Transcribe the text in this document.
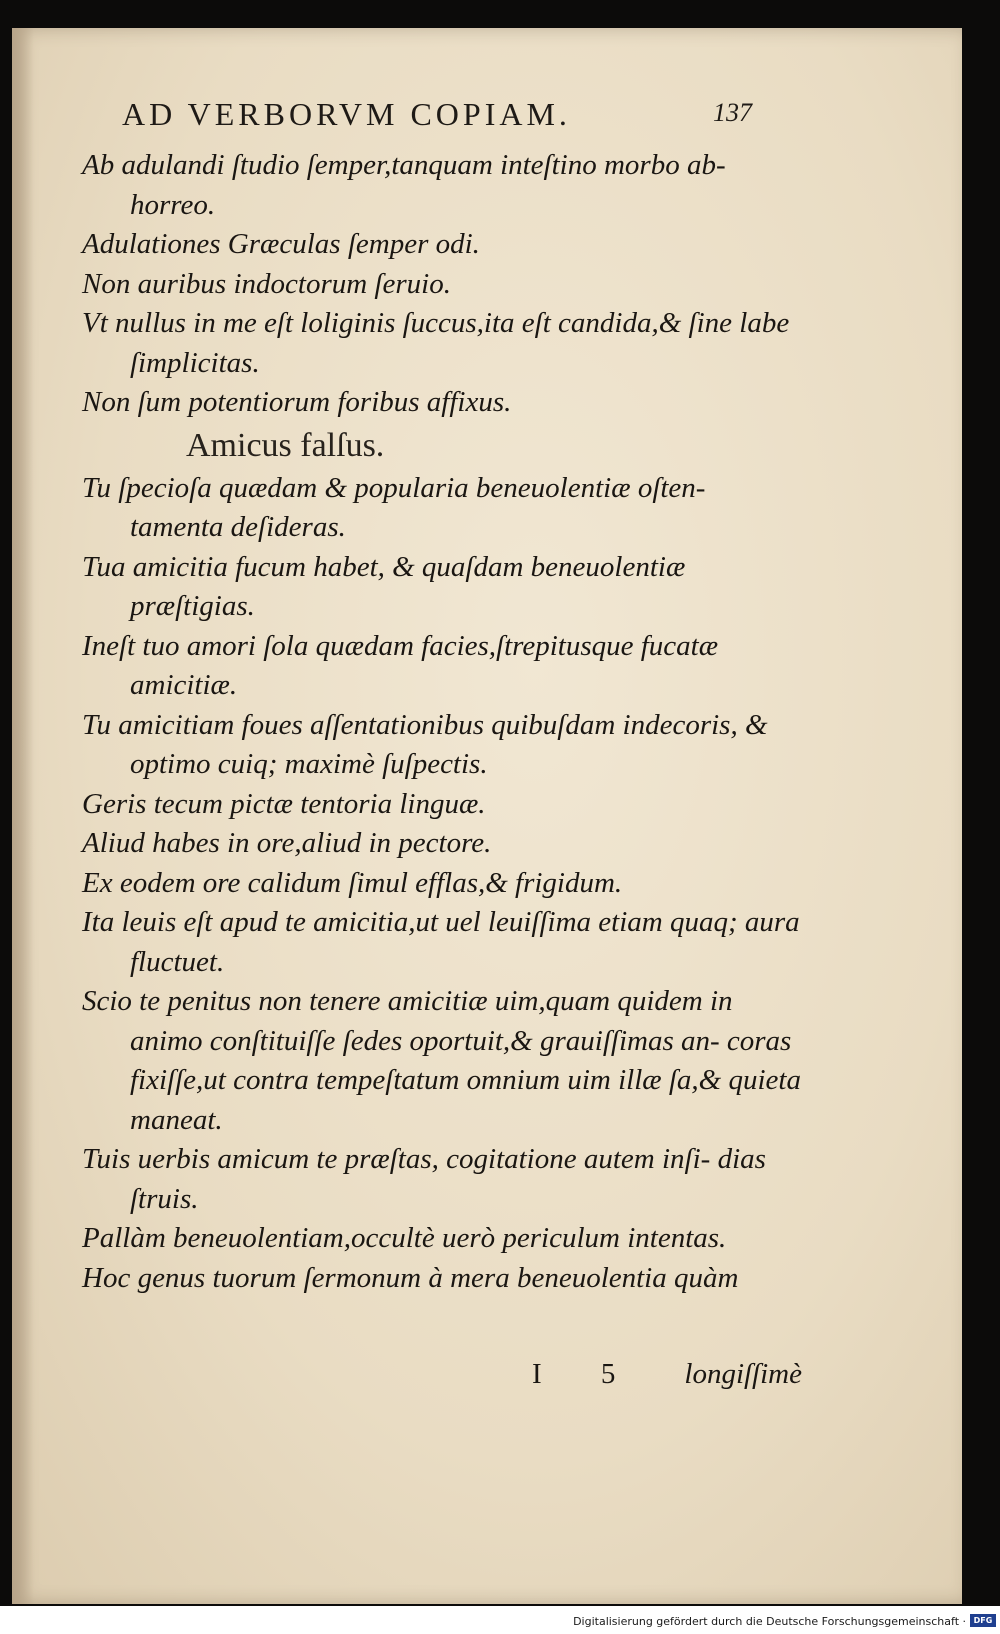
AD VERBORVM COPIAM.	137
Ab adulandi ſtudio ſemper,tanquam inteſtino morbo ab- horreo.
Adulationes Græculas ſemper odi.
Non auribus indoctorum ſeruio.
Vt nullus in me eſt loliginis ſuccus,ita eſt candida,& ſine labe ſimplicitas.
Non ſum potentiorum foribus affixus.
Amicus falſus.
Tu ſpecioſa quædam & popularia beneuolentiæ oſten- tamenta deſideras.
Tua amicitia fucum habet, & quaſdam beneuolentiæ præſtigias.
Ineſt tuo amori ſola quædam facies,ſtrepitusque fucatæ amicitiæ.
Tu amicitiam foues aſſentationibus quibuſdam indecoris, & optimo cuiq; maximè ſuſpectis.
Geris tecum pictæ tentoria linguæ.
Aliud habes in ore,aliud in pectore.
Ex eodem ore calidum ſimul efflas,& frigidum.
Ita leuis eſt apud te amicitia,ut uel leuiſſima etiam quaq; aura fluctuet.
Scio te penitus non tenere amicitiæ uim,quam quidem in animo conſtituiſſe ſedes oportuit,& grauiſſimas an- coras fixiſſe,ut contra tempeſtatum omnium uim illæ ſa,& quieta maneat.
Tuis uerbis amicum te præſtas, cogitatione autem inſi- dias ſtruis.
Pallàm beneuolentiam,occultè uerò periculum intentas.
Hoc genus tuorum ſermonum à mera beneuolentia quàm
I 5 longiſſimè
Digitalisierung gefördert durch die Deutsche Forschungsgemeinschaft · DFG
